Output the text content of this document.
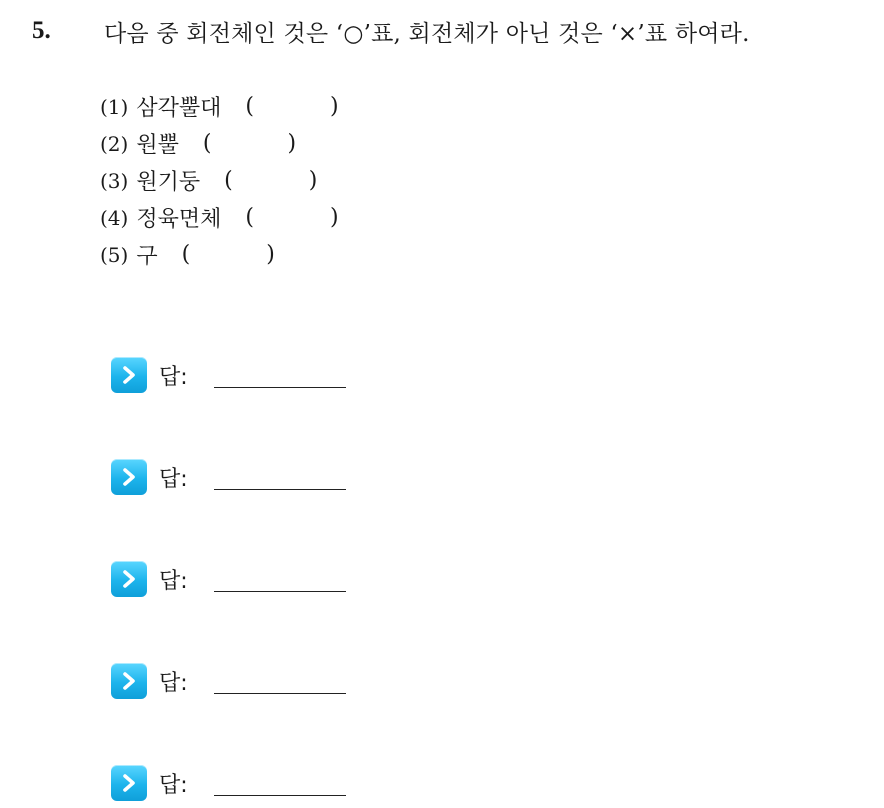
5.	다음 중 회전체인 것은 ‘○’표, 회전체가 아닌 것은 ‘×’표 하여라.
(1) 삼각뿔대 (	)
(2) 원뿔 (	)
(3) 원기둥 (	)
(4) 정육면체 (	)
(5) 구 (	)
답:
답:
답:
답:
답:
